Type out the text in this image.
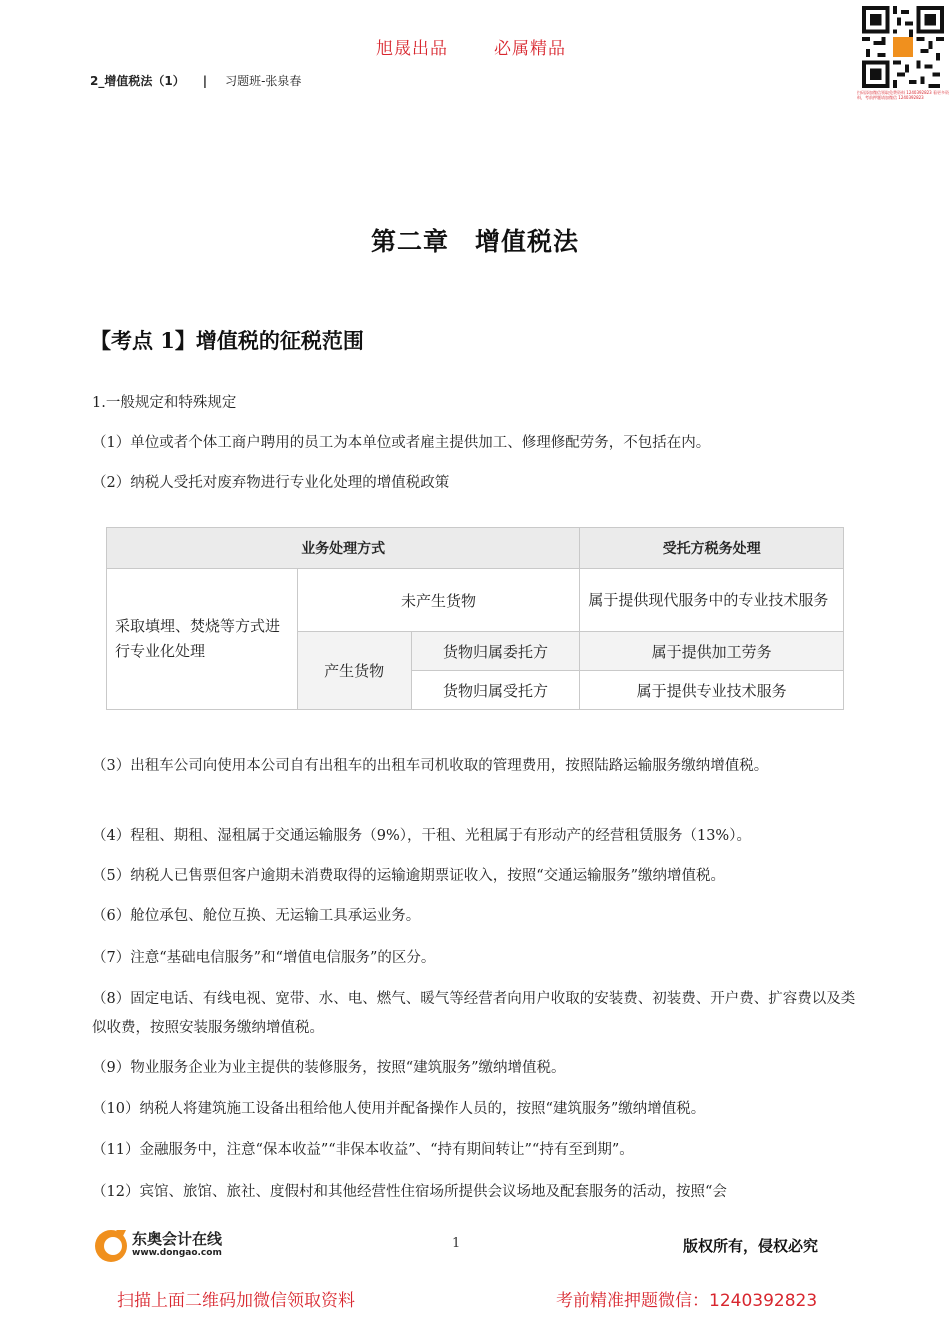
旭晟出品	必属精品
2_增值税法（1） | 习题班-张泉春
扫码添加微信领取免费资料 1240392823 看更多资料，考前押题请加微信 1240392823
第二章　增值税法
【考点 1】增值税的征税范围
1.一般规定和特殊规定
（1）单位或者个体工商户聘用的员工为本单位或者雇主提供加工、修理修配劳务，不包括在内。
（2）纳税人受托对废弃物进行专业化处理的增值税政策
业务处理方式			受托方税务处理
采取填埋、焚烧等方式进行专业化处理	未产生货物		属于提供现代服务中的专业技术服务
	产生货物	货物归属委托方	属于提供加工劳务
		货物归属受托方	属于提供专业技术服务
（3）出租车公司向使用本公司自有出租车的出租车司机收取的管理费用，按照陆路运输服务缴纳增值税。
（4）程租、期租、湿租属于交通运输服务（9%），干租、光租属于有形动产的经营租赁服务（13%）。
（5）纳税人已售票但客户逾期未消费取得的运输逾期票证收入，按照“交通运输服务”缴纳增值税。
（6）舱位承包、舱位互换、无运输工具承运业务。
（7）注意“基础电信服务”和“增值电信服务”的区分。
（8）固定电话、有线电视、宽带、水、电、燃气、暖气等经营者向用户收取的安装费、初装费、开户费、扩容费以及类似收费，按照安装服务缴纳增值税。
（9）物业服务企业为业主提供的装修服务，按照“建筑服务”缴纳增值税。
（10）纳税人将建筑施工设备出租给他人使用并配备操作人员的，按照“建筑服务”缴纳增值税。
（11）金融服务中，注意“保本收益”“非保本收益”、“持有期间转让”“持有至到期”。
（12）宾馆、旅馆、旅社、度假村和其他经营性住宿场所提供会议场地及配套服务的活动，按照“会
东奥会计在线
www.dongao.com
1	版权所有，侵权必究
扫描上面二维码加微信领取资料	考前精准押题微信：1240392823
